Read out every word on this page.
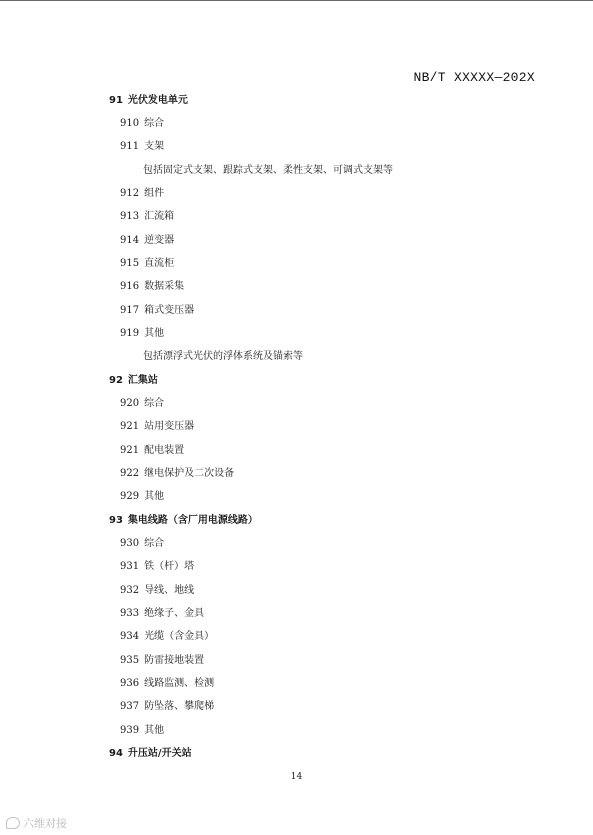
NB/T XXXXX—202X
91 光伏发电单元
910 综合
911 支架
包括固定式支架、跟踪式支架、柔性支架、可调式支架等
912 组件
913 汇流箱
914 逆变器
915 直流柜
916 数据采集
917 箱式变压器
919 其他
包括漂浮式光伏的浮体系统及锚索等
92 汇集站
920 综合
921 站用变压器
921 配电装置
922 继电保护及二次设备
929 其他
93 集电线路（含厂用电源线路）
930 综合
931 铁（杆）塔
932 导线、地线
933 绝缘子、金具
934 光缆（含金具）
935 防雷接地装置
936 线路监测、检测
937 防坠落、攀爬梯
939 其他
94 升压站/开关站
14
六维对接
